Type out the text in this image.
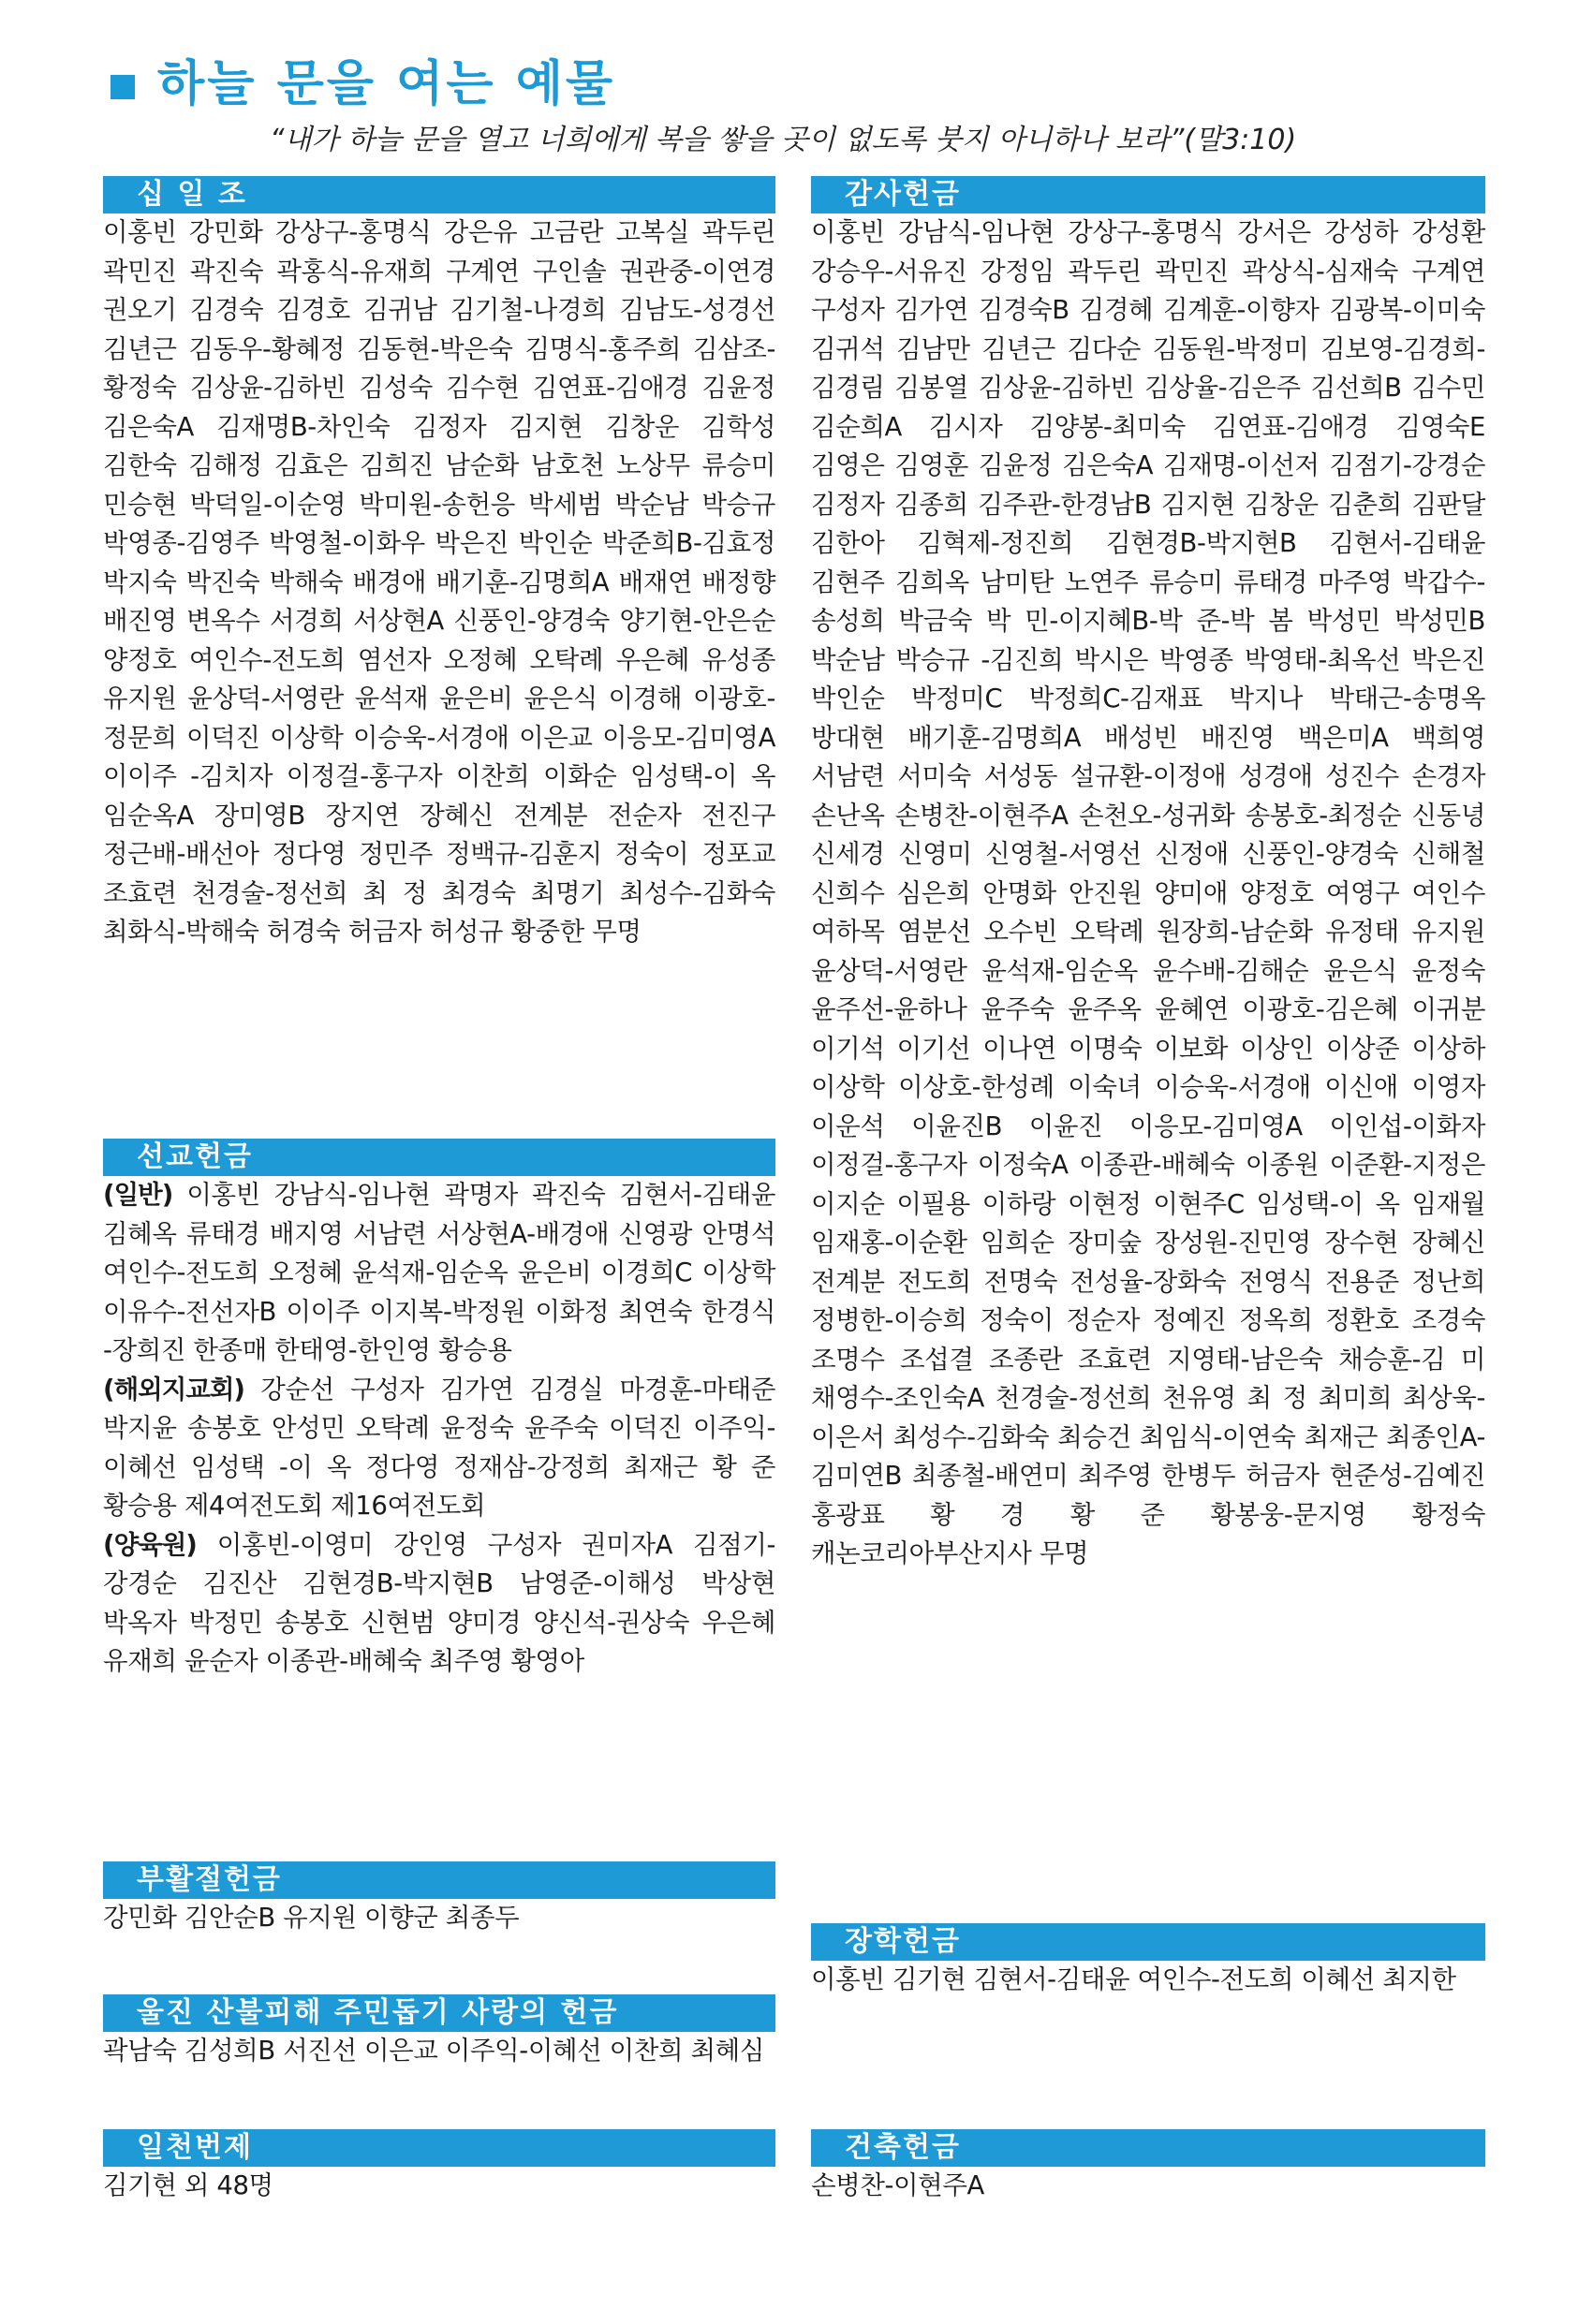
하늘 문을 여는 예물
“내가 하늘 문을 열고 너희에게 복을 쌓을 곳이 없도록 붓지 아니하나 보라”(말3:10)
십 일 조
이홍빈 강민화 강상구-홍명식 강은유 고금란 고복실 곽두린 곽민진 곽진숙 곽홍식-유재희 구계연 구인솔 권관중-이연경 권오기 김경숙 김경호 김귀남 김기철-나경희 김남도-성경선 김년근 김동우-황혜정 김동현-박은숙 김명식-홍주희 김삼조-황정숙 김상윤-김하빈 김성숙 김수현 김연표-김애경 김윤정 김은숙A 김재명B-차인숙 김정자 김지현 김창운 김학성 김한숙 김해정 김효은 김희진 남순화 남호천 노상무 류승미 민승현 박덕일-이순영 박미원-송헌응 박세범 박순남 박승규 박영종-김영주 박영철-이화우 박은진 박인순 박준희B-김효정 박지숙 박진숙 박해숙 배경애 배기훈-김명희A 배재연 배정향 배진영 변옥수 서경희 서상현A 신풍인-양경숙 양기현-안은순 양정호 여인수-전도희 염선자 오정혜 오탁례 우은혜 유성종 유지원 윤상덕-서영란 윤석재 윤은비 윤은식 이경해 이광호-정문희 이덕진 이상학 이승욱-서경애 이은교 이응모-김미영A 이이주 -김치자 이정걸-홍구자 이찬희 이화순 임성택-이 옥 임순옥A 장미영B 장지연 장혜신 전계분 전순자 전진구 정근배-배선아 정다영 정민주 정백규-김훈지 정숙이 정포교 조효련 천경술-정선희 최 정 최경숙 최명기 최성수-김화숙 최화식-박해숙 허경숙 허금자 허성규 황중한 무명
선교헌금

(일반) 이홍빈 강남식-임나현 곽명자 곽진숙 김현서-김태윤 김혜옥 류태경 배지영 서남련 서상현A-배경애 신영광 안명석 여인수-전도희 오정혜 윤석재-임순옥 윤은비 이경희C 이상학 이유수-전선자B 이이주 이지복-박정원 이화정 최연숙 한경식 -장희진 한종매 한태영-한인영 황승용

(해외지교회) 강순선 구성자 김가연 김경실 마경훈-마태준 박지윤 송봉호 안성민 오탁례 윤정숙 윤주숙 이덕진 이주익-이혜선 임성택 -이 옥 정다영 정재삼-강정희 최재근 황 준 황승용 제4여전도회 제16여전도회

(양육원) 이홍빈-이영미 강인영 구성자 권미자A 김점기-강경순 김진산 김현경B-박지현B 남영준-이해성 박상현 박옥자 박정민 송봉호 신현범 양미경 양신석-권상숙 우은혜 유재희 윤순자 이종관-배혜숙 최주영 황영아

부활절헌금
강민화 김안순B 유지원 이향군 최종두
울진 산불피해 주민돕기 사랑의 헌금
곽남숙 김성희B 서진선 이은교 이주익-이혜선 이찬희 최혜심
일천번제
김기현 외 48명
감사헌금
이홍빈 강남식-임나현 강상구-홍명식 강서은 강성하 강성환 강승우-서유진 강정임 곽두린 곽민진 곽상식-심재숙 구계연 구성자 김가연 김경숙B 김경혜 김계훈-이향자 김광복-이미숙 김귀석 김남만 김년근 김다순 김동원-박정미 김보영-김경희-김경림 김봉열 김상윤-김하빈 김상율-김은주 김선희B 김수민 김순희A 김시자 김양봉-최미숙 김연표-김애경 김영숙E 김영은 김영훈 김윤정 김은숙A 김재명-이선저 김점기-강경순 김정자 김종희 김주관-한경남B 김지현 김창운 김춘희 김판달 김한아 김혁제-정진희 김현경B-박지현B 김현서-김태윤 김현주 김희옥 남미탄 노연주 류승미 류태경 마주영 박갑수-송성희 박금숙 박 민-이지혜B-박 준-박 봄 박성민 박성민B 박순남 박승규 -김진희 박시은 박영종 박영태-최옥선 박은진 박인순 박정미C 박정희C-김재표 박지나 박태근-송명옥 방대현 배기훈-김명희A 배성빈 배진영 백은미A 백희영 서남련 서미숙 서성동 설규환-이정애 성경애 성진수 손경자 손난옥 손병찬-이현주A 손천오-성귀화 송봉호-최정순 신동녕 신세경 신영미 신영철-서영선 신정애 신풍인-양경숙 신해철 신희수 심은희 안명화 안진원 양미애 양정호 여영구 여인수 여하목 염분선 오수빈 오탁례 원장희-남순화 유정태 유지원 윤상덕-서영란 윤석재-임순옥 윤수배-김해순 윤은식 윤정숙 윤주선-윤하나 윤주숙 윤주옥 윤혜연 이광호-김은혜 이귀분 이기석 이기선 이나연 이명숙 이보화 이상인 이상준 이상하 이상학 이상호-한성례 이숙녀 이승욱-서경애 이신애 이영자 이운석 이윤진B 이윤진 이응모-김미영A 이인섭-이화자 이정걸-홍구자 이정숙A 이종관-배혜숙 이종원 이준환-지정은 이지순 이필용 이하랑 이현정 이현주C 임성택-이 옥 임재월 임재홍-이순환 임희순 장미숲 장성원-진민영 장수현 장혜신 전계분 전도희 전명숙 전성율-장화숙 전영식 전용준 정난희 정병한-이승희 정숙이 정순자 정예진 정옥희 정환호 조경숙 조명수 조섭결 조종란 조효련 지영태-남은숙 채승훈-김 미 채영수-조인숙A 천경술-정선희 천유영 최 정 최미희 최상욱-이은서 최성수-김화숙 최승건 최임식-이연숙 최재근 최종인A-김미연B 최종철-배연미 최주영 한병두 허금자 현준성-김예진 홍광표 황 경 황 준 황봉웅-문지영 황정숙 캐논코리아부산지사 무명
장학헌금
이홍빈 김기현 김현서-김태윤 여인수-전도희 이혜선 최지한
건축헌금
손병찬-이현주A
